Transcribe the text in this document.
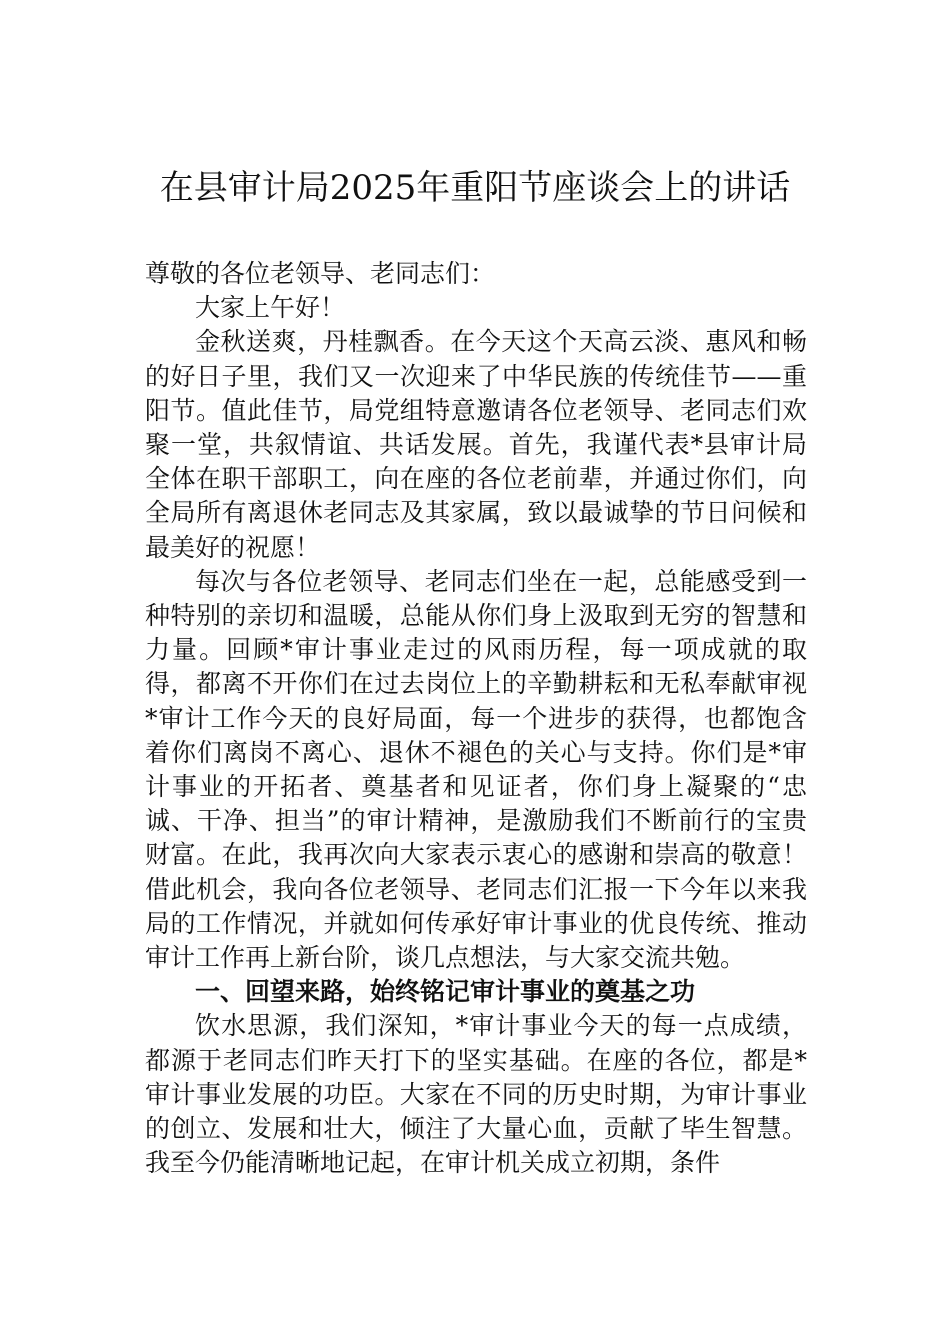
在县审计局2025年重阳节座谈会上的讲话

尊敬的各位老领导、老同志们：

大家上午好！

金秋送爽，丹桂飘香。在今天这个天高云淡、惠风和畅的好日子里，我们又一次迎来了中华民族的传统佳节——重阳节。值此佳节，局党组特意邀请各位老领导、老同志们欢聚一堂，共叙情谊、共话发展。首先，我谨代表*县审计局全体在职干部职工，向在座的各位老前辈，并通过你们，向全局所有离退休老同志及其家属，致以最诚挚的节日问候和最美好的祝愿！

每次与各位老领导、老同志们坐在一起，总能感受到一种特别的亲切和温暖，总能从你们身上汲取到无穷的智慧和力量。回顾*审计事业走过的风雨历程，每一项成就的取得，都离不开你们在过去岗位上的辛勤耕耘和无私奉献审视*审计工作今天的良好局面，每一个进步的获得，也都饱含着你们离岗不离心、退休不褪色的关心与支持。你们是*审计事业的开拓者、奠基者和见证者，你们身上凝聚的“忠诚、干净、担当”的审计精神，是激励我们不断前行的宝贵财富。在此，我再次向大家表示衷心的感谢和崇高的敬意！借此机会，我向各位老领导、老同志们汇报一下今年以来我局的工作情况，并就如何传承好审计事业的优良传统、推动审计工作再上新台阶，谈几点想法，与大家交流共勉。

一、回望来路，始终铭记审计事业的奠基之功

饮水思源，我们深知，*审计事业今天的每一点成绩，都源于老同志们昨天打下的坚实基础。在座的各位，都是*审计事业发展的功臣。大家在不同的历史时期，为审计事业的创立、发展和壮大，倾注了大量心血，贡献了毕生智慧。我至今仍能清晰地记起，在审计机关成立初期，条件
